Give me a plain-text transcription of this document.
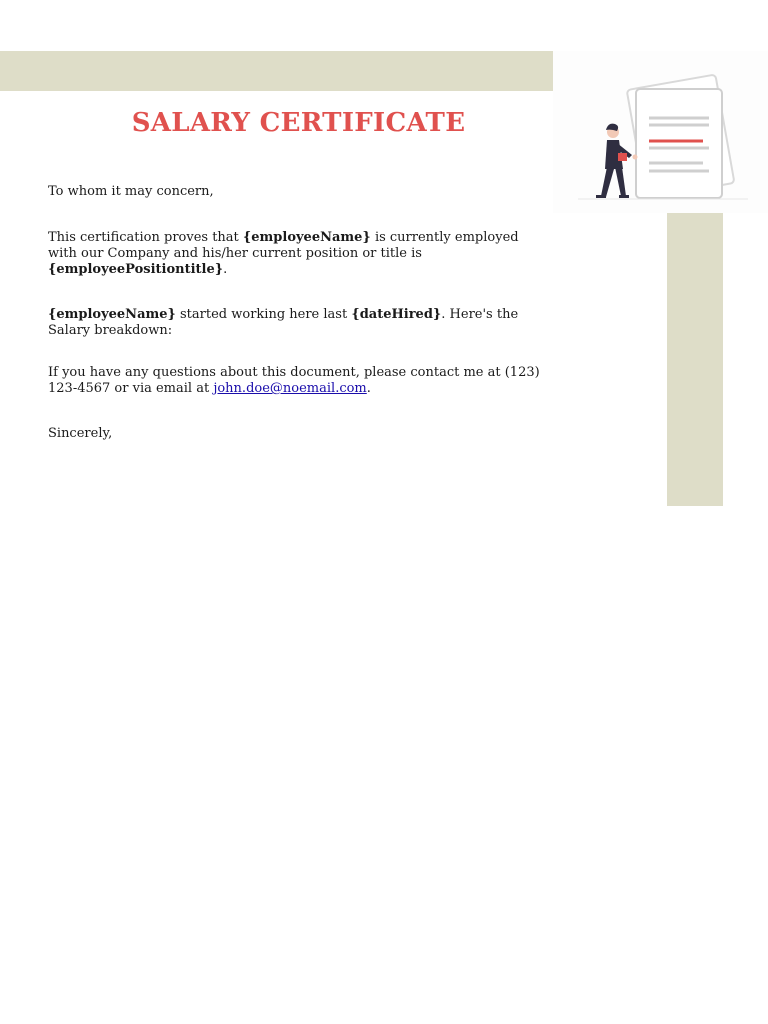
SALARY CERTIFICATE

To whom it may concern,

This certification proves that {employeeName} is currently employed with our Company and his/her current position or title is {employeePositiontitle}.

{employeeName} started working here last {dateHired}. Here's the Salary breakdown:

If you have any questions about this document, please contact me at (123) 123-4567 or via email at john.doe@noemail.com.

Sincerely,
